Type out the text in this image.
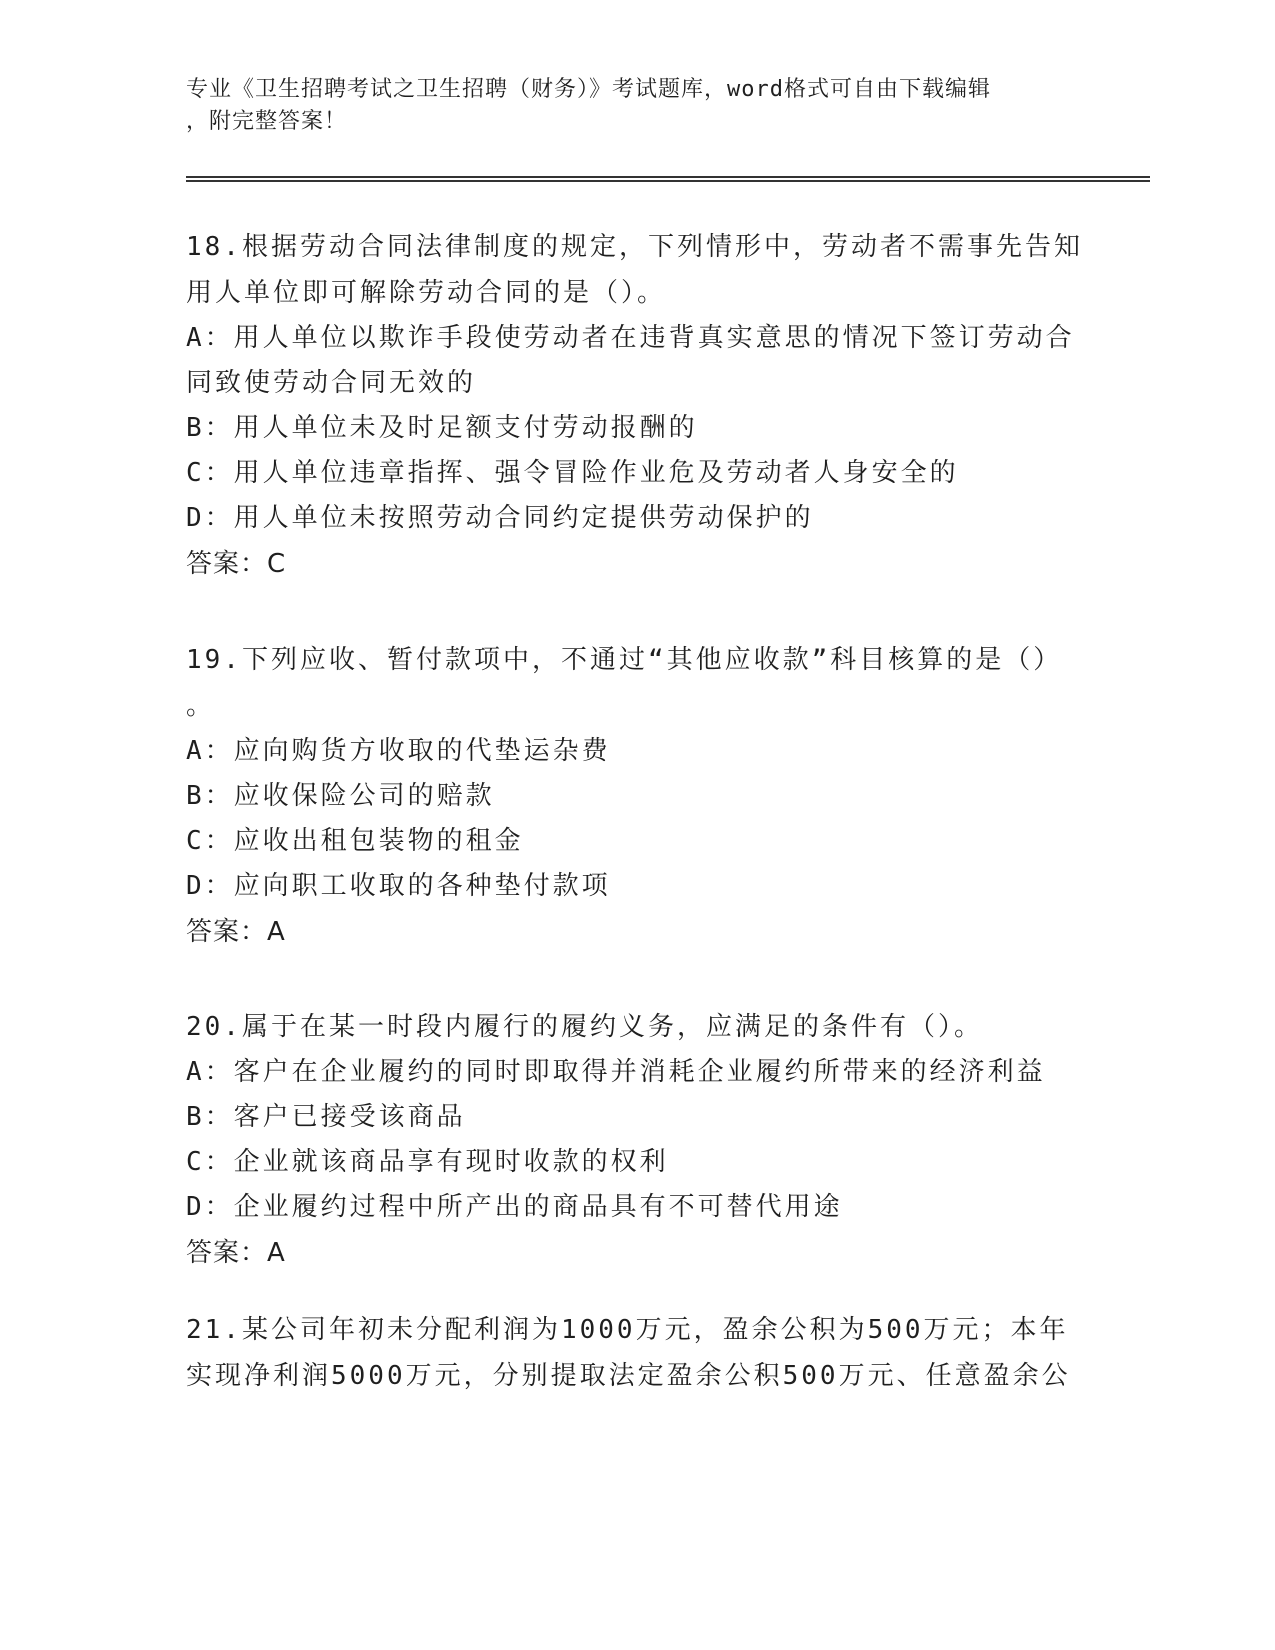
专业《卫生招聘考试之卫生招聘（财务）》考试题库，word格式可自由下载编辑
，附完整答案！
18.根据劳动合同法律制度的规定，下列情形中，劳动者不需事先告知
用人单位即可解除劳动合同的是（）。
A：用人单位以欺诈手段使劳动者在违背真实意思的情况下签订劳动合
同致使劳动合同无效的
B：用人单位未及时足额支付劳动报酬的
C：用人单位违章指挥、强令冒险作业危及劳动者人身安全的
D：用人单位未按照劳动合同约定提供劳动保护的
答案：C
19.下列应收、暂付款项中，不通过“其他应收款”科目核算的是（）
。
A：应向购货方收取的代垫运杂费
B：应收保险公司的赔款
C：应收出租包装物的租金
D：应向职工收取的各种垫付款项
答案：A
20.属于在某一时段内履行的履约义务，应满足的条件有（）。
A：客户在企业履约的同时即取得并消耗企业履约所带来的经济利益
B：客户已接受该商品
C：企业就该商品享有现时收款的权利
D：企业履约过程中所产出的商品具有不可替代用途
答案：A
21.某公司年初未分配利润为1000万元，盈余公积为500万元；本年
实现净利润5000万元，分别提取法定盈余公积500万元、任意盈余公
